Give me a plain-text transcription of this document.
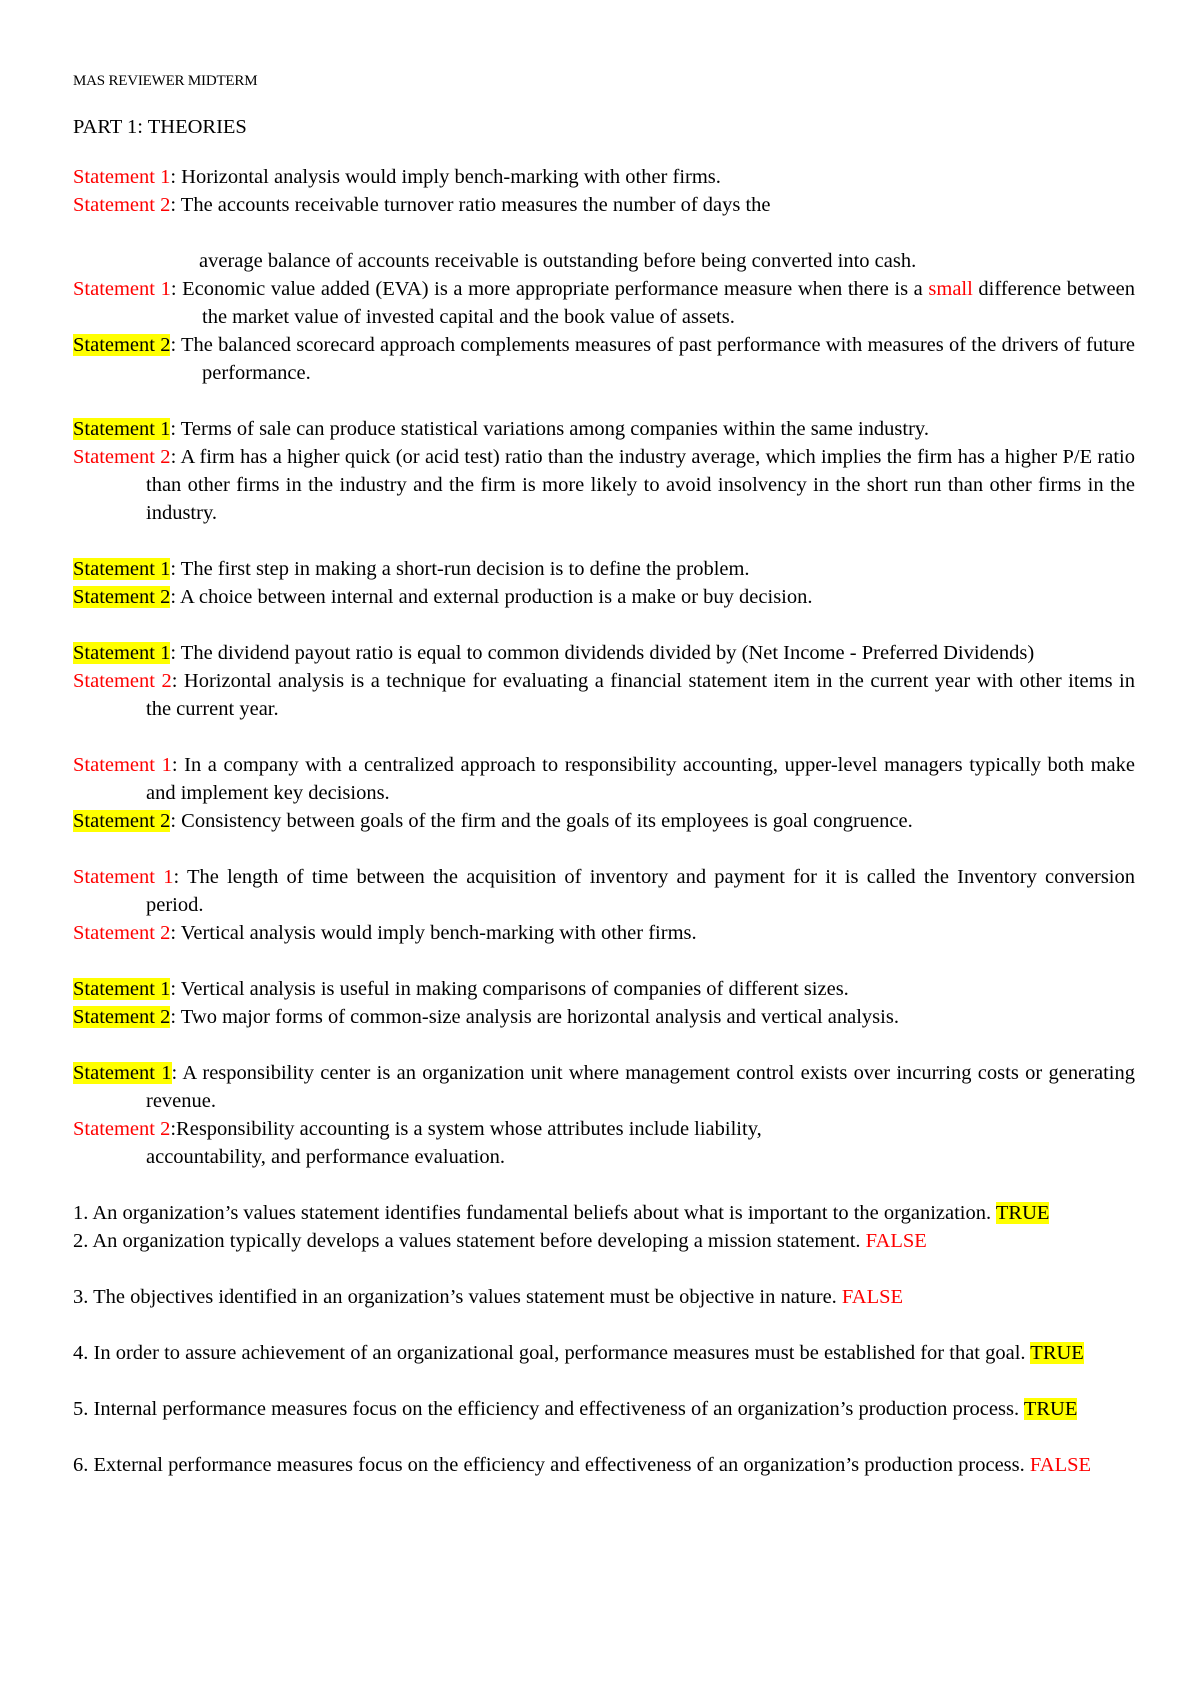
MAS REVIEWER MIDTERM
PART 1: THEORIES
Statement 1: Horizontal analysis would imply bench-marking with other firms.
Statement 2: The accounts receivable turnover ratio measures the number of days the
average balance of accounts receivable is outstanding before being converted into cash.
Statement 1: Economic value added (EVA) is a more appropriate performance measure when there is a small difference between the market value of invested capital and the book value of assets.
Statement 2: The balanced scorecard approach complements measures of past performance with measures of the drivers of future performance.
Statement 1: Terms of sale can produce statistical variations among companies within the same industry.
Statement 2: A firm has a higher quick (or acid test) ratio than the industry average, which implies the firm has a higher P/E ratio than other firms in the industry and the firm is more likely to avoid insolvency in the short run than other firms in the industry.
Statement 1: The first step in making a short-run decision is to define the problem.
Statement 2: A choice between internal and external production is a make or buy decision.
Statement 1: The dividend payout ratio is equal to common dividends divided by (Net Income - Preferred Dividends)
Statement 2: Horizontal analysis is a technique for evaluating a financial statement item in the current year with other items in the current year.
Statement 1: In a company with a centralized approach to responsibility accounting, upper-level managers typically both make and implement key decisions.
Statement 2: Consistency between goals of the firm and the goals of its employees is goal congruence.
Statement 1: The length of time between the acquisition of inventory and payment for it is called the Inventory conversion period.
Statement 2: Vertical analysis would imply bench-marking with other firms.
Statement 1: Vertical analysis is useful in making comparisons of companies of different sizes.
Statement 2: Two major forms of common-size analysis are horizontal analysis and vertical analysis.
Statement 1: A responsibility center is an organization unit where management control exists over incurring costs or generating revenue.
Statement 2:Responsibility accounting is a system whose attributes include liability,
accountability, and performance evaluation.
1. An organization’s values statement identifies fundamental beliefs about what is important to the organization. TRUE
2. An organization typically develops a values statement before developing a mission statement. FALSE
3. The objectives identified in an organization’s values statement must be objective in nature. FALSE
4. In order to assure achievement of an organizational goal, performance measures must be established for that goal. TRUE
5. Internal performance measures focus on the efficiency and effectiveness of an organization’s production process. TRUE
6. External performance measures focus on the efficiency and effectiveness of an organization’s production process. FALSE
